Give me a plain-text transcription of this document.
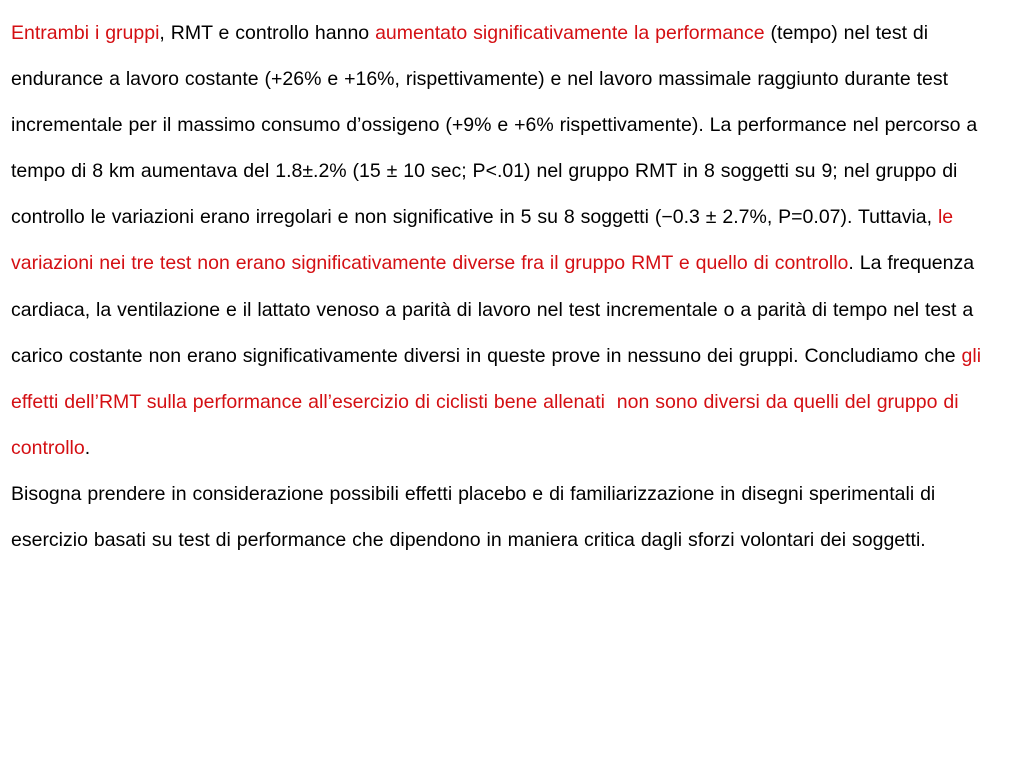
Entrambi i gruppi, RMT e controllo hanno aumentato significativamente la performance (tempo) nel test di endurance a lavoro costante (+26% e +16%, rispettivamente) e nel lavoro massimale raggiunto durante test incrementale per il massimo consumo d’ossigeno (+9% e +6% rispettivamente). La performance nel percorso a tempo di 8 km aumentava del 1.8±.2% (15 ± 10 sec; P<.01) nel gruppo RMT in 8 soggetti su 9; nel gruppo di controllo le variazioni erano irregolari e non significative in 5 su 8 soggetti (−0.3 ± 2.7%, P=0.07). Tuttavia, le variazioni nei tre test non erano significativamente diverse fra il gruppo RMT e quello di controllo. La frequenza cardiaca, la ventilazione e il lattato venoso a parità di lavoro nel test incrementale o a parità di tempo nel test a carico costante non erano significativamente diversi in queste prove in nessuno dei gruppi. Concludiamo che gli effetti dell’RMT sulla performance all’esercizio di ciclisti bene allenati  non sono diversi da quelli del gruppo di controllo.

Bisogna prendere in considerazione possibili effetti placebo e di familiarizzazione in disegni sperimentali di esercizio basati su test di performance che dipendono in maniera critica dagli sforzi volontari dei soggetti.
